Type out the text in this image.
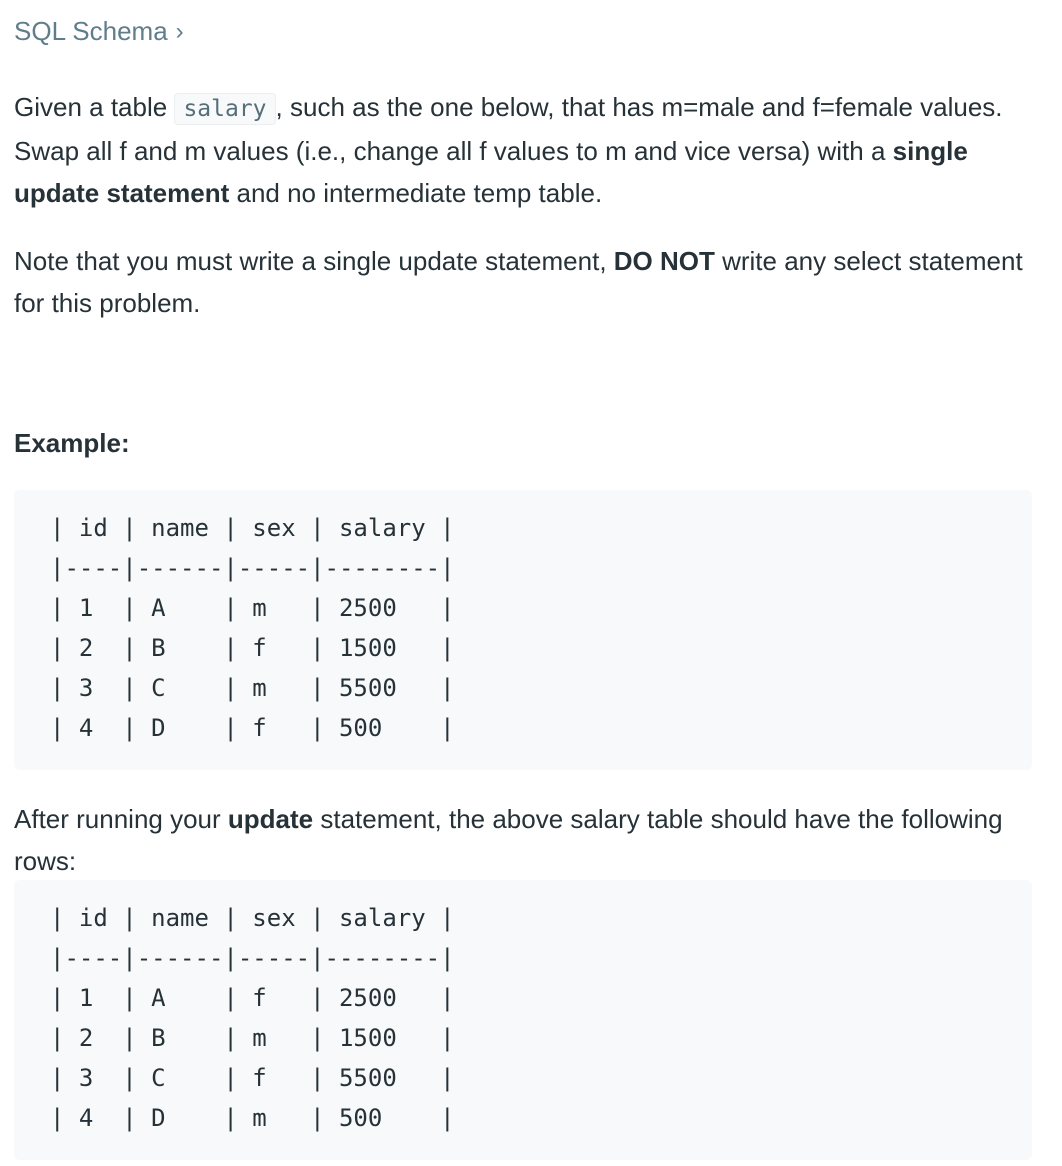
SQL Schema ›

Given a table salary , such as the one below, that has m=male and f=female values. Swap all f and m values (i.e., change all f values to m and vice versa) with a single update statement and no intermediate temp table.

Note that you must write a single update statement, DO NOT write any select statement for this problem.

Example:

| id | name | sex | salary |
|----|------|-----|--------|
| 1  | A    | m   | 2500   |
| 2  | B    | f   | 1500   |
| 3  | C    | m   | 5500   |
| 4  | D    | f   | 500    |

After running your update statement, the above salary table should have the following rows:

| id | name | sex | salary |
|----|------|-----|--------|
| 1  | A    | f   | 2500   |
| 2  | B    | m   | 1500   |
| 3  | C    | f   | 5500   |
| 4  | D    | m   | 500    |
